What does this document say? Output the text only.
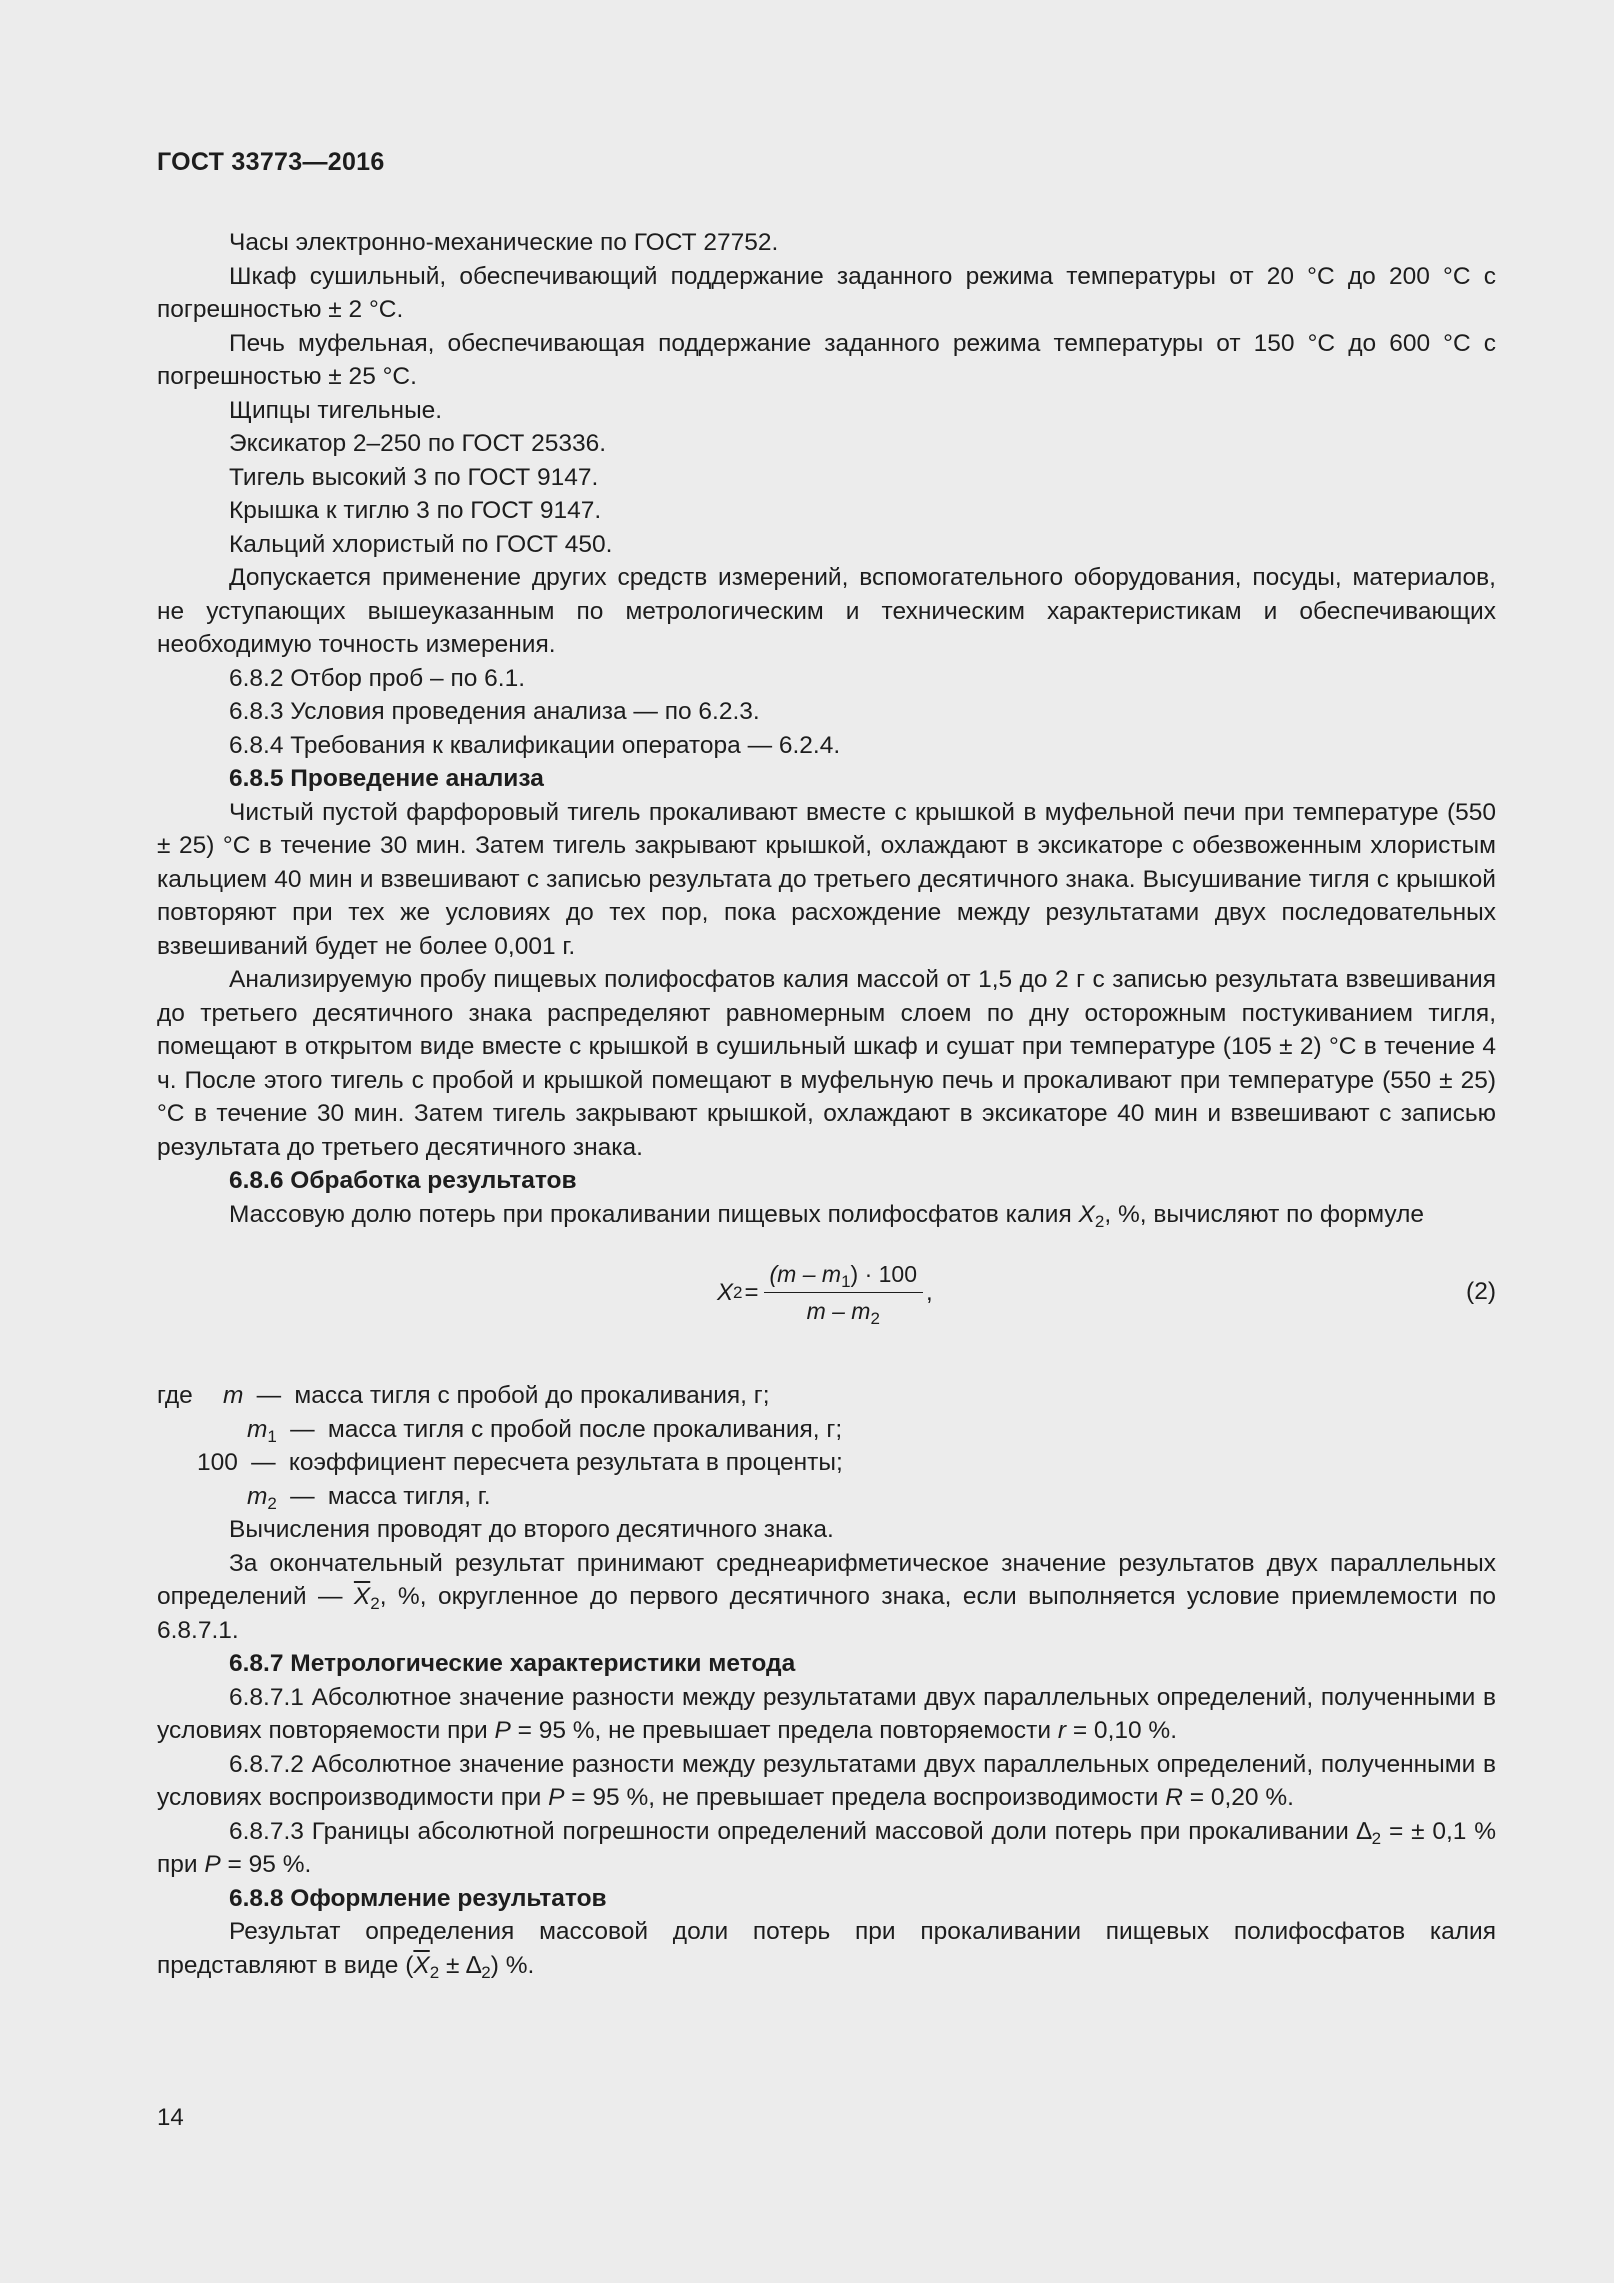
ГОСТ 33773—2016

Часы электронно-механические по ГОСТ 27752.

Шкаф сушильный, обеспечивающий поддержание заданного режима температуры от 20 °С до 200 °С с погрешностью ± 2 °С.

Печь муфельная, обеспечивающая поддержание заданного режима температуры от 150 °С до 600 °С с погрешностью ± 25 °С.

Щипцы тигельные.

Эксикатор 2–250 по ГОСТ 25336.

Тигель высокий 3 по ГОСТ 9147.

Крышка к тиглю 3 по ГОСТ 9147.

Кальций хлористый по ГОСТ 450.

Допускается применение других средств измерений, вспомогательного оборудования, посуды, материалов, не уступающих вышеуказанным по метрологическим и техническим характеристикам и обеспечивающих необходимую точность измерения.

6.8.2 Отбор проб – по 6.1.

6.8.3 Условия проведения анализа — по 6.2.3.

6.8.4 Требования к квалификации оператора — 6.2.4.

6.8.5 Проведение анализа

Чистый пустой фарфоровый тигель прокаливают вместе с крышкой в муфельной печи при температуре (550 ± 25) °С в течение 30 мин. Затем тигель закрывают крышкой, охлаждают в эксикаторе с обезвоженным хлористым кальцием 40 мин и взвешивают с записью результата до третьего десятичного знака. Высушивание тигля с крышкой повторяют при тех же условиях до тех пор, пока расхождение между результатами двух последовательных взвешиваний будет не более 0,001 г.

Анализируемую пробу пищевых полифосфатов калия массой от 1,5 до 2 г с записью результата взвешивания до третьего десятичного знака распределяют равномерным слоем по дну осторожным постукиванием тигля, помещают в открытом виде вместе с крышкой в сушильный шкаф и сушат при температуре (105 ± 2) °С в течение 4 ч. После этого тигель с пробой и крышкой помещают в муфельную печь и прокаливают при температуре (550 ± 25) °С в течение 30 мин. Затем тигель закрывают крышкой, охлаждают в эксикаторе 40 мин и взвешивают с записью результата до третьего десятичного знака.

6.8.6 Обработка результатов

Массовую долю потерь при прокаливании пищевых полифосфатов калия $X_2$, %, вычисляют по формуле

X $2 = \frac{(m - m_1) \cdot 100}{m - m_2}$ ,	(2)
где	m — масса тигля с пробой до прокаливания, г;
$m_1$ — масса тигля с пробой после прокаливания, г;
100 — коэффициент пересчета результата в проценты;
$m_2$ — масса тигля, г.

Вычисления проводят до второго десятичного знака.

За окончательный результат принимают среднеарифметическое значение результатов двух параллельных определений — $\overline{X}_2$, %, округленное до первого десятичного знака, если выполняется условие приемлемости по 6.8.7.1.

6.8.7 Метрологические характеристики метода

6.8.7.1 Абсолютное значение разности между результатами двух параллельных определений, полученными в условиях повторяемости при P = 95 %, не превышает предела повторяемости r = 0,10 %.

6.8.7.2 Абсолютное значение разности между результатами двух параллельных определений, полученными в условиях воспроизводимости при P = 95 %, не превышает предела воспроизводимости R = 0,20 %.

6.8.7.3 Границы абсолютной погрешности определений массовой доли потерь при прокаливании $\Delta_2$ = ± 0,1 % при P = 95 %.

6.8.8 Оформление результатов

Результат определения массовой доли потерь при прокаливании пищевых полифосфатов калия представляют в виде $(\overline{X}_2 \pm \Delta_2)$ %.

14
